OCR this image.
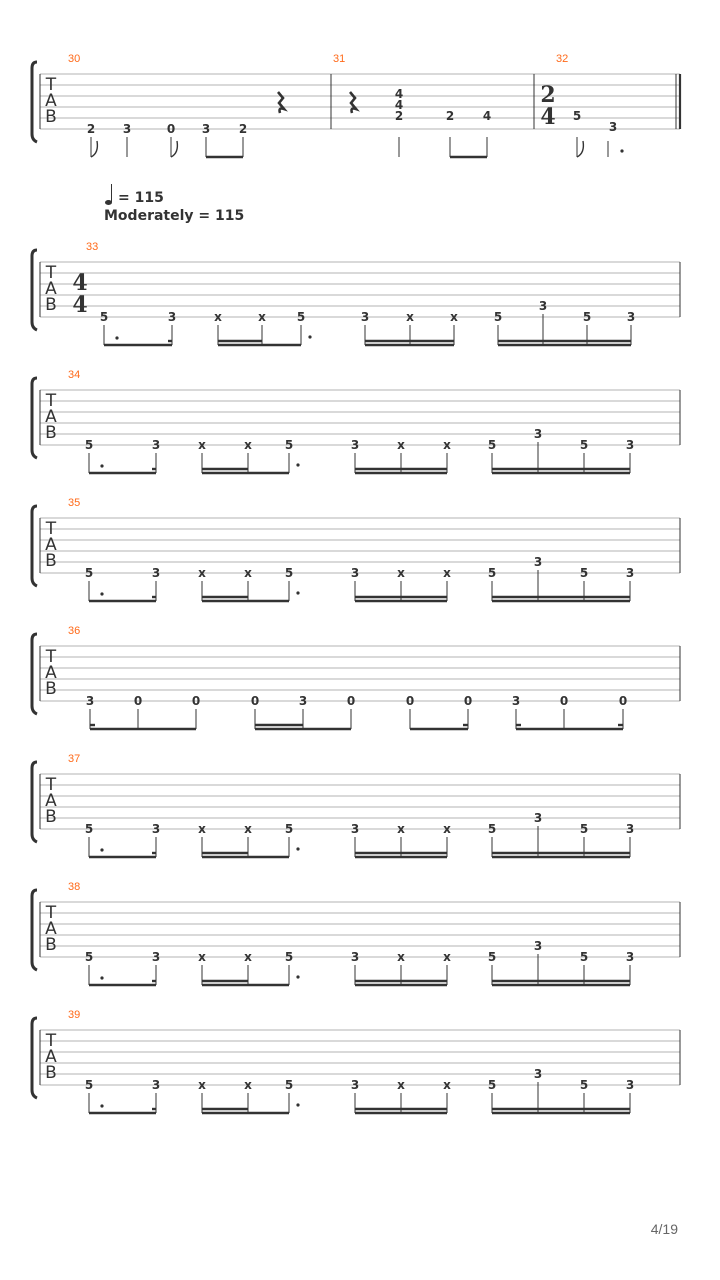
T
A
B
30	31	32
2 3	0 3 2
4
4
2	2 4
2
4 5
3
T
A
B
33
4
4 5	3	x	x	5	3	x	x	5
3
5	3
T
A
B
34
5	3	x	x	5	3	x	x	5
3
5	3
T
A
B
35
5	3	x	x	5	3	x	x	5
3
5	3
T
A
B
36
3	0	0	0	3	0	0	0	3	0	0
T
A
B
37
5	3	x	x	5	3	x	x	5
3
5	3
T
A
B
38
5	3	x	x	5	3	x	x	5
3
5	3
T
A
B
39
5	3	x	x	5	3	x	x	5
3
5	3
= 115
Moderately = 115
4/19
